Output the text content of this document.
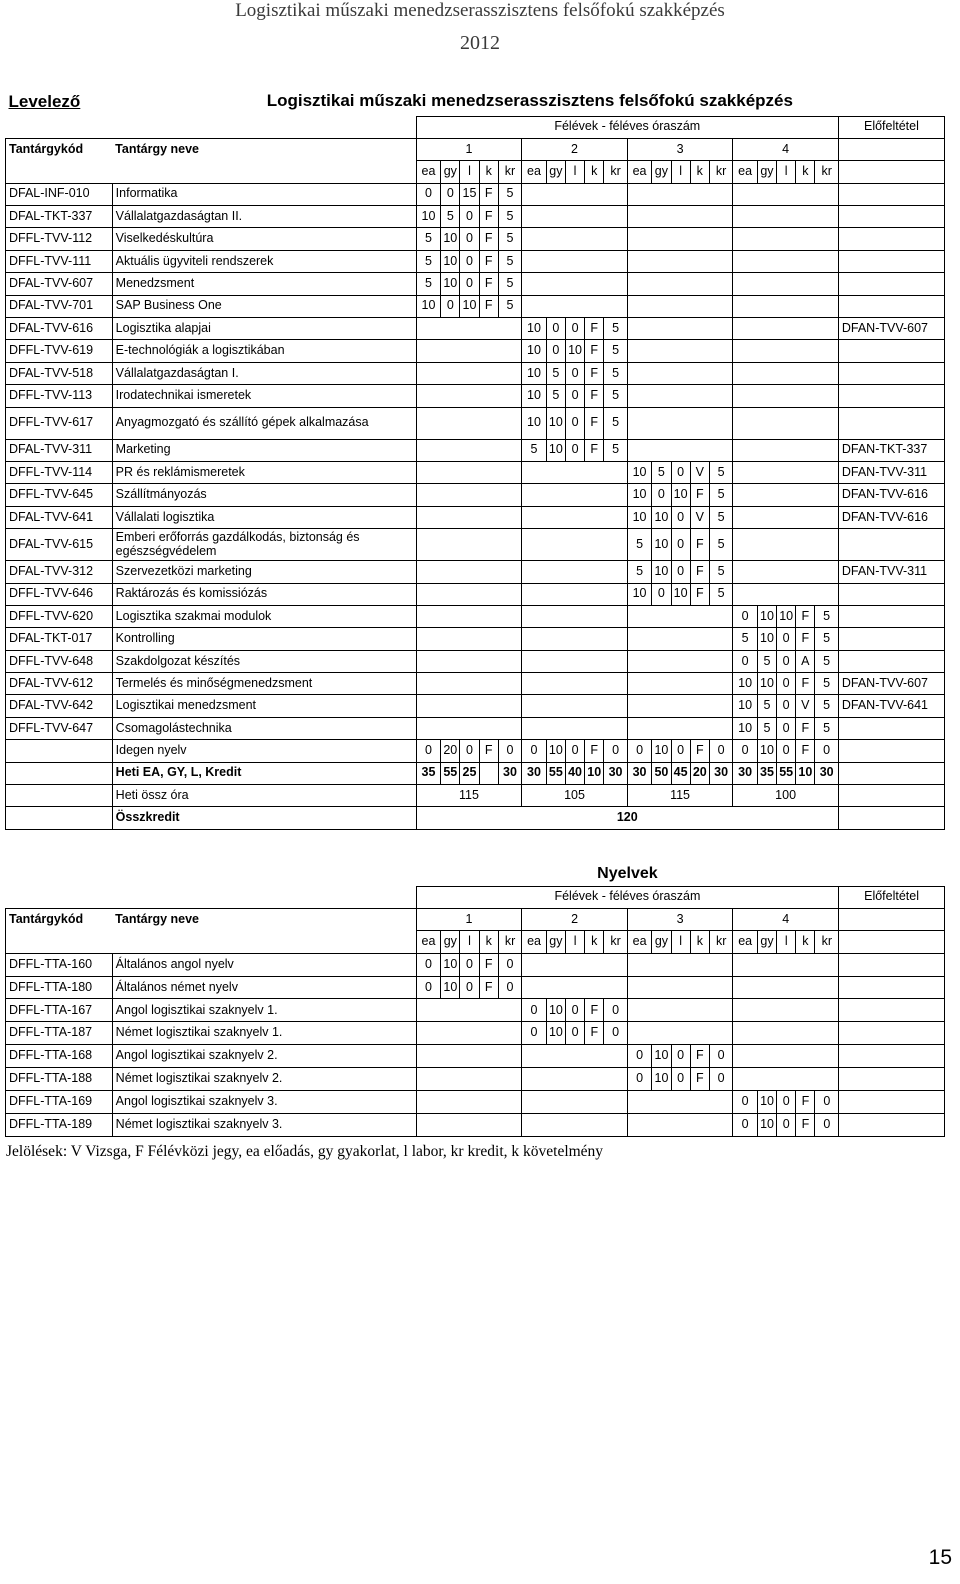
Logisztikai műszaki menedzserasszisztens felsőfokú szakképzés
2012
Levelező	Logisztikai műszaki menedzserasszisztens felsőfokú szakképzés																					
		Félévek - féléves óraszám																				Előfeltétel
Tantárgykód	Tantárgy neve	1					2					3					4					
		ea	gy	l	k	kr	ea	gy	l	k	kr	ea	gy	l	k	kr	ea	gy	l	k	kr	
DFAL-INF-010	Informatika	0	0	15	F	5																
DFAL-TKT-337	Vállalatgazdaságtan II.	10	5	0	F	5																
DFFL-TVV-112	Viselkedéskultúra	5	10	0	F	5																
DFFL-TVV-111	Aktuális ügyviteli rendszerek	5	10	0	F	5																
DFAL-TVV-607	Menedzsment	5	10	0	F	5																
DFAL-TVV-701	SAP Business One	10	0	10	F	5																
DFAL-TVV-616	Logisztika alapjai						10	0	0	F	5											DFAN-TVV-607
DFFL-TVV-619	E-technológiák a logisztikában						10	0	10	F	5											
DFAL-TVV-518	Vállalatgazdaságtan I.						10	5	0	F	5											
DFFL-TVV-113	Irodatechnikai ismeretek						10	5	0	F	5											
DFFL-TVV-617	Anyagmozgató és szállító gépek alkalmazása						10	10	0	F	5											
DFAL-TVV-311	Marketing						5	10	0	F	5											DFAN-TKT-337
DFFL-TVV-114	PR és reklámismeretek											10	5	0	V	5						DFAN-TVV-311
DFFL-TVV-645	Szállítmányozás											10	0	10	F	5						DFAN-TVV-616
DFAL-TVV-641	Vállalati logisztika											10	10	0	V	5						DFAN-TVV-616
DFAL-TVV-615	Emberi erőforrás gazdálkodás, biztonság és egészségvédelem											5	10	0	F	5						
DFAL-TVV-312	Szervezetközi marketing											5	10	0	F	5						DFAN-TVV-311
DFFL-TVV-646	Raktározás és komissiózás											10	0	10	F	5						
DFFL-TVV-620	Logisztika szakmai modulok																0	10	10	F	5	
DFAL-TKT-017	Kontrolling																5	10	0	F	5	
DFFL-TVV-648	Szakdolgozat készítés																0	5	0	A	5	
DFAL-TVV-612	Termelés és minőségmenedzsment																10	10	0	F	5	DFAN-TVV-607
DFAL-TVV-642	Logisztikai menedzsment																10	5	0	V	5	DFAN-TVV-641
DFFL-TVV-647	Csomagolástechnika																10	5	0	F	5	
	Idegen nyelv	0	20	0	F	0	0	10	0	F	0	0	10	0	F	0	0	10	0	F	0	
	Heti EA, GY, L, Kredit	35	55	25		30	30	55	40	10	30	30	50	45	20	30	30	35	55	10	30	
	Heti össz óra	115					105					115					100					
	Összkredit	120																				
		Nyelvek																				
		Félévek - féléves óraszám																				Előfeltétel
Tantárgykód	Tantárgy neve	1					2					3					4					
		ea	gy	l	k	kr	ea	gy	l	k	kr	ea	gy	l	k	kr	ea	gy	l	k	kr	
DFFL-TTA-160	Általános angol nyelv	0	10	0	F	0																
DFFL-TTA-180	Általános német nyelv	0	10	0	F	0																
DFFL-TTA-167	Angol logisztikai szaknyelv 1.						0	10	0	F	0											
DFFL-TTA-187	Német logisztikai szaknyelv 1.						0	10	0	F	0											
DFFL-TTA-168	Angol logisztikai szaknyelv 2.											0	10	0	F	0						
DFFL-TTA-188	Német logisztikai szaknyelv 2.											0	10	0	F	0						
DFFL-TTA-169	Angol logisztikai szaknyelv 3.																0	10	0	F	0	
DFFL-TTA-189	Német logisztikai szaknyelv 3.																0	10	0	F	0	
Jelölések: V Vizsga, F Félévközi jegy, ea előadás, gy gyakorlat, l labor, kr kredit, k követelmény
15
